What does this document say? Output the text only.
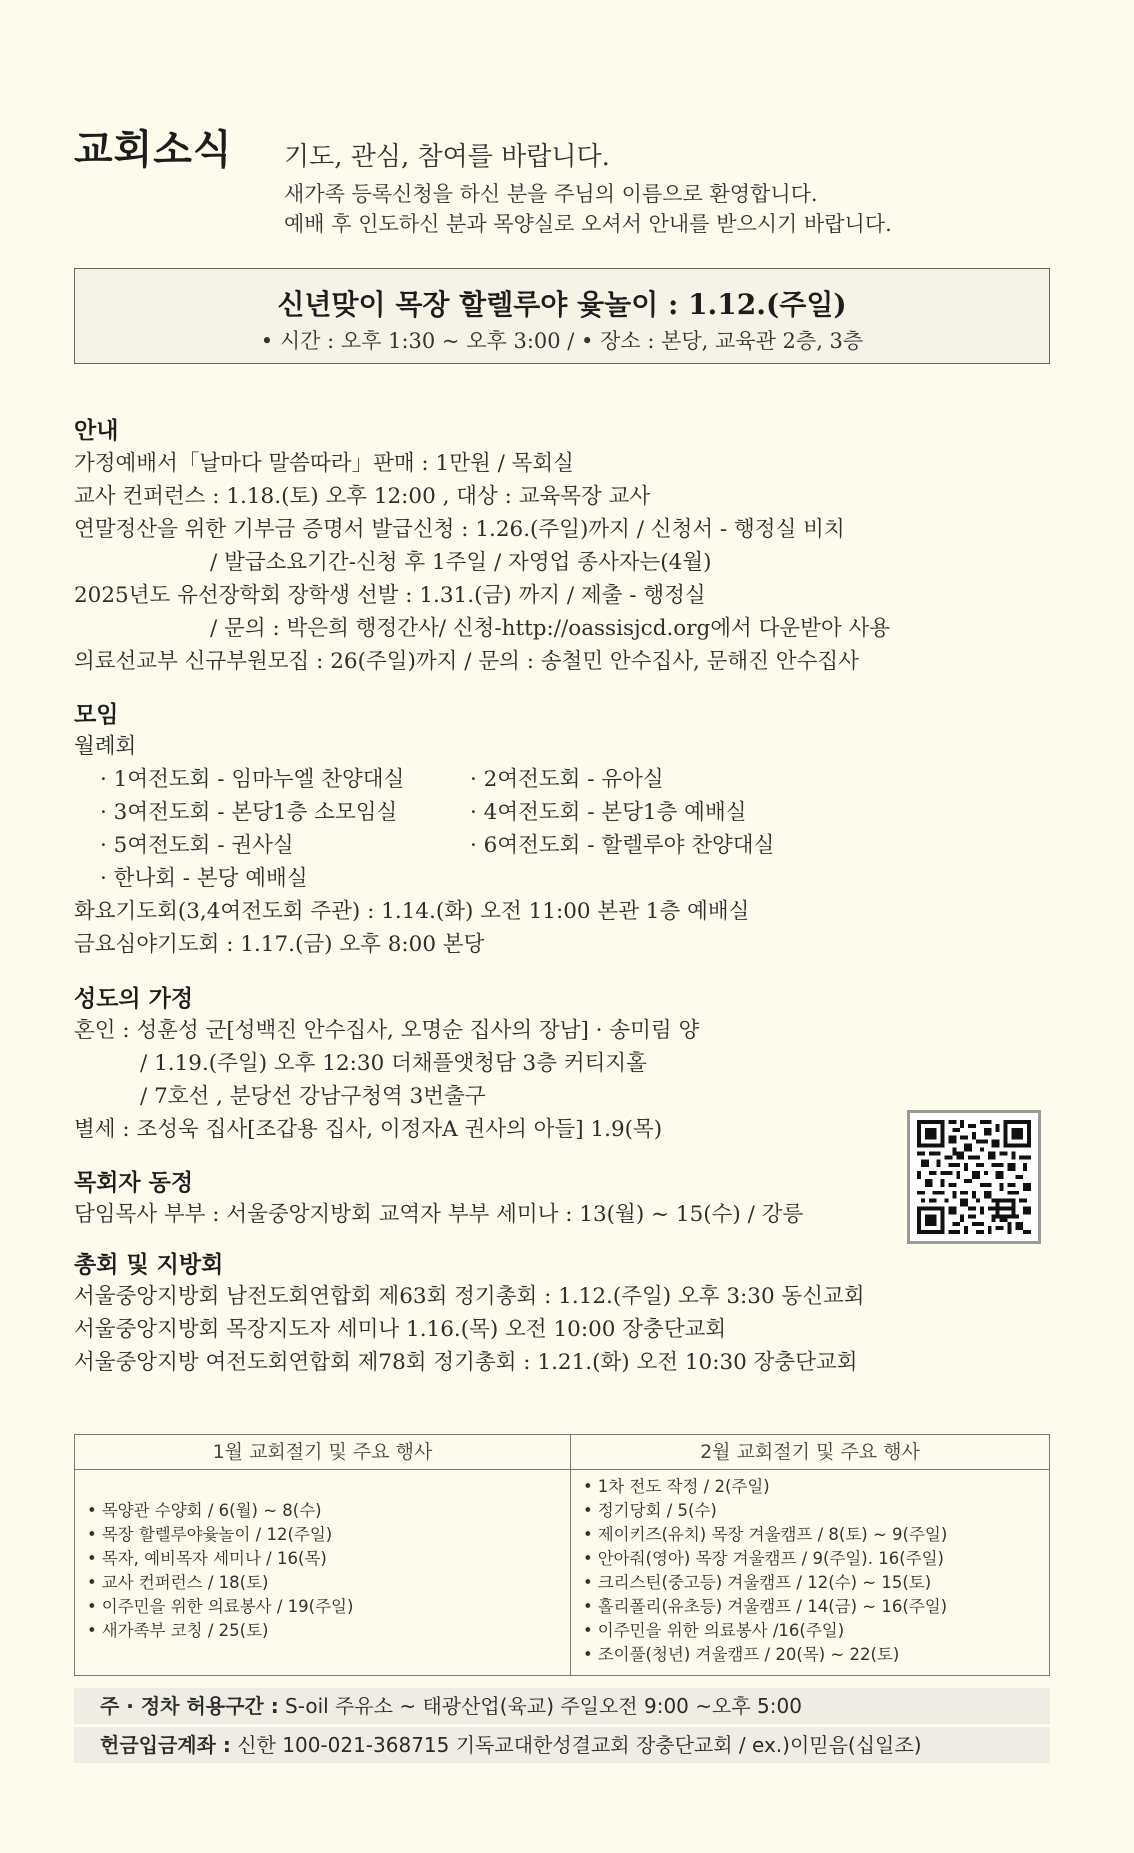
교회소식 기도, 관심, 참여를 바랍니다.
새가족 등록신청을 하신 분을 주님의 이름으로 환영합니다.
예배 후 인도하신 분과 목양실로 오셔서 안내를 받으시기 바랍니다.
신년맞이 목장 할렐루야 윷놀이 : 1.12.(주일)
• 시간 : 오후 1:30 ~ 오후 3:00 / • 장소 : 본당, 교육관 2층, 3층
안내
가정예배서「날마다 말씀따라」판매 : 1만원 / 목회실
교사 컨퍼런스 : 1.18.(토) 오후 12:00 , 대상 : 교육목장 교사
연말정산을 위한 기부금 증명서 발급신청 : 1.26.(주일)까지 / 신청서 - 행정실 비치
/ 발급소요기간-신청 후 1주일 / 자영업 종사자는(4월)
2025년도 유선장학회 장학생 선발 : 1.31.(금) 까지 / 제출 - 행정실
/ 문의 : 박은희 행정간사/ 신청-http://oassisjcd.org에서 다운받아 사용
의료선교부 신규부원모집 : 26(주일)까지 / 문의 : 송철민 안수집사, 문해진 안수집사
모임
월례회
· 1여전도회 - 임마누엘 찬양대실	· 2여전도회 - 유아실
· 3여전도회 - 본당1층 소모임실	· 4여전도회 - 본당1층 예배실
· 5여전도회 - 권사실	· 6여전도회 - 할렐루야 찬양대실
· 한나회 - 본당 예배실
화요기도회(3,4여전도회 주관) : 1.14.(화) 오전 11:00 본관 1층 예배실
금요심야기도회 : 1.17.(금) 오후 8:00 본당
성도의 가정
혼인 : 성훈성 군[성백진 안수집사, 오명순 집사의 장남] · 송미림 양
/ 1.19.(주일) 오후 12:30 더채플앳청담 3층 커티지홀
/ 7호선 , 분당선 강남구청역 3번출구
별세 : 조성욱 집사[조갑용 집사, 이정자A 권사의 아들] 1.9(목)
목회자 동정
담임목사 부부 : 서울중앙지방회 교역자 부부 세미나 : 13(월) ~ 15(수) / 강릉
총회 및 지방회
서울중앙지방회 남전도회연합회 제63회 정기총회 : 1.12.(주일) 오후 3:30 동신교회
서울중앙지방회 목장지도자 세미나 1.16.(목) 오전 10:00 장충단교회
서울중앙지방 여전도회연합회 제78회 정기총회 : 1.21.(화) 오전 10:30 장충단교회
1월 교회절기 및 주요 행사
• 목양관 수양회 / 6(월) ~ 8(수)
• 목장 할렐루야윷놀이 / 12(주일)
• 목자, 예비목자 세미나 / 16(목)
• 교사 컨퍼런스 / 18(토)
• 이주민을 위한 의료봉사 / 19(주일)
• 새가족부 코칭 / 25(토)
2월 교회절기 및 주요 행사
• 1차 전도 작정 / 2(주일)
• 정기당회 / 5(수)
• 제이키즈(유치) 목장 겨울캠프 / 8(토) ~ 9(주일)
• 안아줘(영아) 목장 겨울캠프 / 9(주일). 16(주일)
• 크리스틴(중고등) 겨울캠프 / 12(수) ~ 15(토)
• 홀리폴리(유초등) 겨울캠프 / 14(금) ~ 16(주일)
• 이주민을 위한 의료봉사 /16(주일)
• 조이풀(청년) 겨울캠프 / 20(목) ~ 22(토)
주 · 정차 허용구간 : S-oil 주유소 ~ 태광산업(육교) 주일오전 9:00 ~오후 5:00
헌금입금계좌 : 신한 100-021-368715 기독교대한성결교회 장충단교회 / ex.)이믿음(십일조)
